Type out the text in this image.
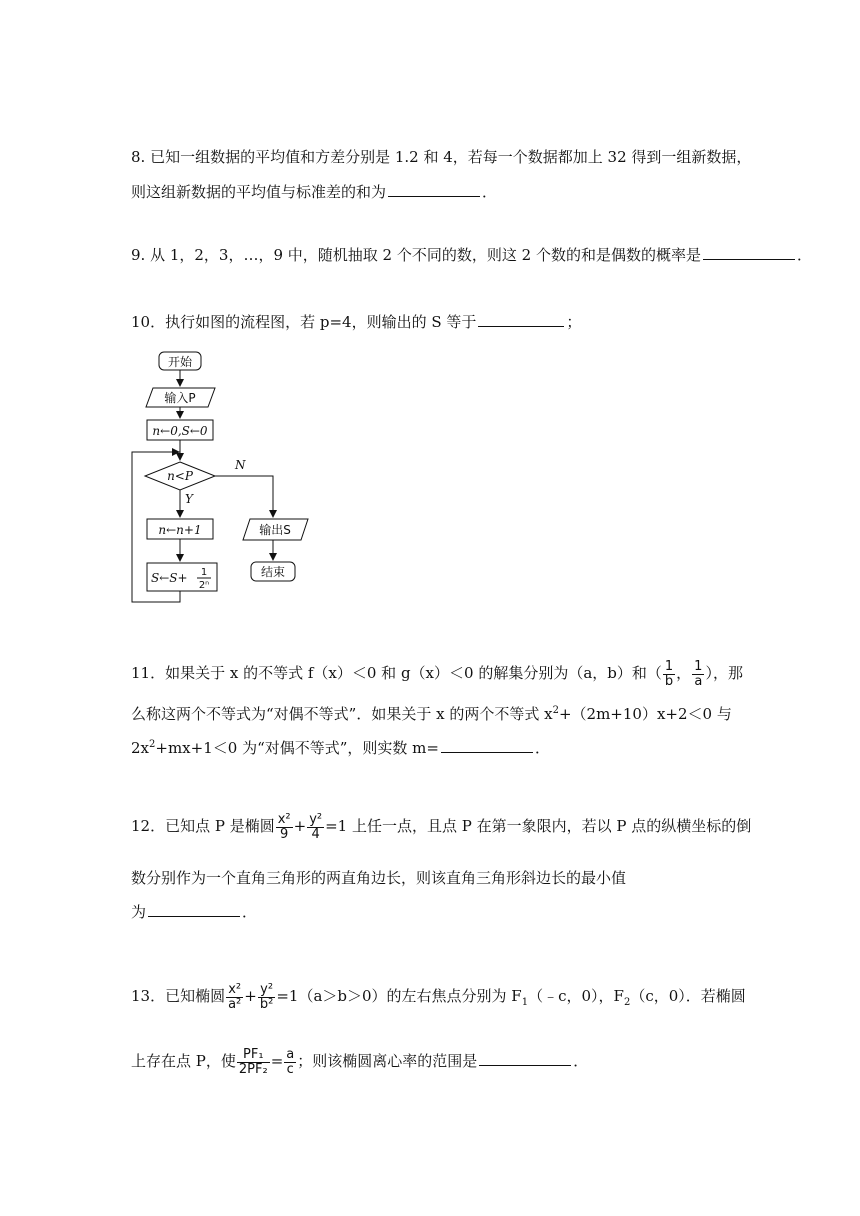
8. 已知一组数据的平均值和方差分别是 1.2 和 4，若每一个数据都加上 32 得到一组新数据，
则这组新数据的平均值与标准差的和为	．
9. 从 1，2，3，…，9 中，随机抽取 2 个不同的数，则这 2 个数的和是偶数的概率是	．
10．执行如图的流程图，若 p=4，则输出的 S 等于	；
开始
输入P
n←0,S←0
n<P
Y
N
n←n+1
S←S+ 1
2ⁿ
输出S
结束
11．如果关于 x 的不等式 f（x）＜0 和 g（x）＜0 的解集分别为（a，b）和（ $\frac{1}{b}$ ， $\frac{1}{a}$ ），那
么称这两个不等式为“对偶不等式”．如果关于 x 的两个不等式 $x^2+(2m+10)x+2<0$ 与
$2x^2+mx+1<0$ 为“对偶不等式”，则实数 m=	．
12．已知点 P 是椭圆 $\frac{\text{x²}}{9} + \frac{\text{y²}}{4} =1$ 上任一点，且点 P 在第一象限内，若以 P 点的纵横坐标的倒
数分别作为一个直角三角形的两直角边长，则该直角三角形斜边长的最小值
为	．
13．已知椭圆 $\frac{\text{x²}}{\text{a²}} + \frac{\text{y²}}{\text{b²}} =1(a>b>0)$的左右焦点分别为 $F_1(﹣c$，0），$F_2(c$，0）．若椭圆
上存在点 P，使 $\frac{\text{PF₁}}{\text{2PF₂}} = \frac{a}{c}$ ；则该椭圆离心率的范围是	．
